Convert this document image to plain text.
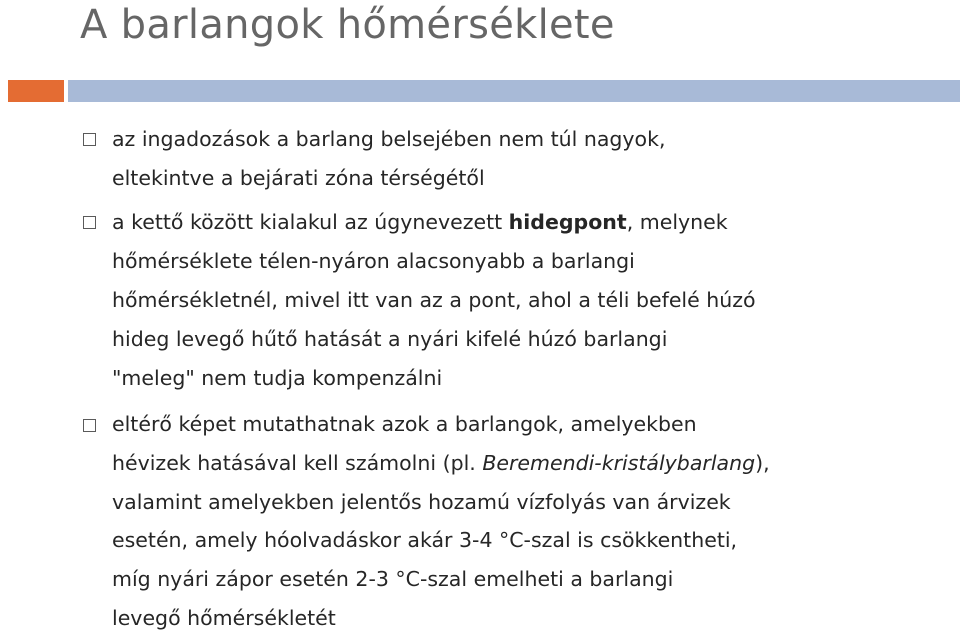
A barlangok hőmérséklete
az ingadozások a barlang belsejében nem túl nagyok,
eltekintve a bejárati zóna térségétől
a kettő között kialakul az úgynevezett hidegpont, melynek
hőmérséklete télen-nyáron alacsonyabb a barlangi
hőmérsékletnél, mivel itt van az a pont, ahol a téli befelé húzó
hideg levegő hűtő hatását a nyári kifelé húzó barlangi
"meleg" nem tudja kompenzálni
eltérő képet mutathatnak azok a barlangok, amelyekben
hévizek hatásával kell számolni (pl. Beremendi-kristálybarlang),
valamint amelyekben jelentős hozamú vízfolyás van árvizek
esetén, amely hóolvadáskor akár 3-4 °C-szal is csökkentheti,
míg nyári zápor esetén 2-3 °C-szal emelheti a barlangi
levegő hőmérsékletét
